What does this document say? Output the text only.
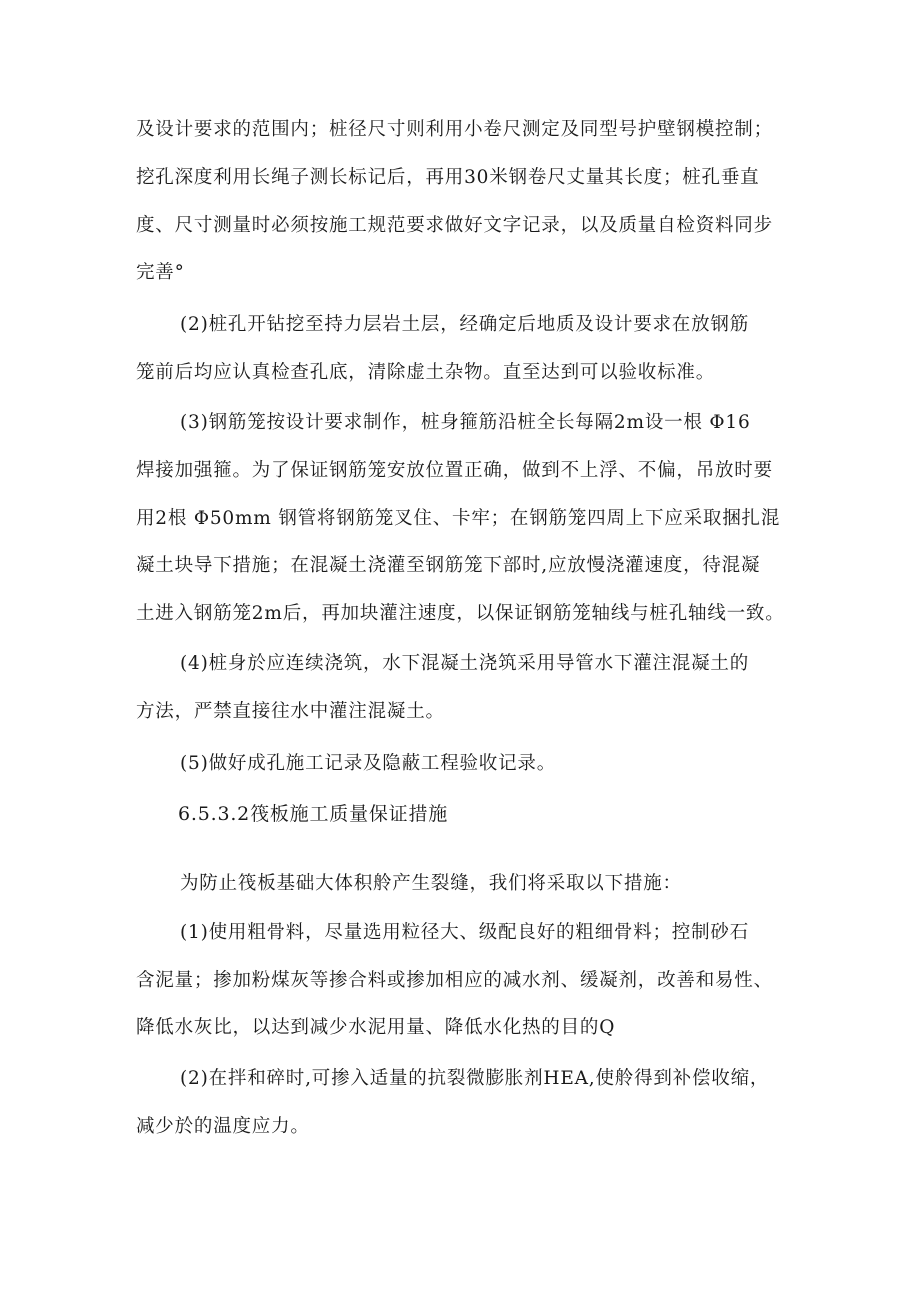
及设计要求的范围内；桩径尺寸则利用小卷尺测定及同型号护壁钢模控制；
挖孔深度利用长绳子测长标记后，再用30米钢卷尺丈量其长度；桩孔垂直
度、尺寸测量时必须按施工规范要求做好文字记录，以及质量自检资料同步
完善°
(2)桩孔开钻挖至持力层岩土层，经确定后地质及设计要求在放钢筋
笼前后均应认真检查孔底，清除虚土杂物。直至达到可以验收标准。
(3)钢筋笼按设计要求制作，桩身箍筋沿桩全长每隔2m设一根 Φ16
焊接加强箍。为了保证钢筋笼安放位置正确，做到不上浮、不偏，吊放时要
用2根 Φ50mm 钢管将钢筋笼叉住、卡牢；在钢筋笼四周上下应采取捆扎混
凝土块导下措施；在混凝土浇灌至钢筋笼下部时,应放慢浇灌速度，待混凝
土进入钢筋笼2m后，再加块灌注速度，以保证钢筋笼轴线与桩孔轴线一致。
(4)桩身於应连续浇筑，水下混凝土浇筑采用导管水下灌注混凝土的
方法，严禁直接往水中灌注混凝土。
(5)做好成孔施工记录及隐蔽工程验收记录。
6.5.3.2筏板施工质量保证措施
为防止筏板基础大体积舲产生裂缝，我们将采取以下措施：
(1)使用粗骨料，尽量选用粒径大、级配良好的粗细骨料；控制砂石
含泥量；掺加粉煤灰等掺合料或掺加相应的减水剂、缓凝剂，改善和易性、
降低水灰比，以达到减少水泥用量、降低水化热的目的Q
(2)在拌和碎时,可掺入适量的抗裂微膨胀剂HEA,使舲得到补偿收缩，
减少於的温度应力。
